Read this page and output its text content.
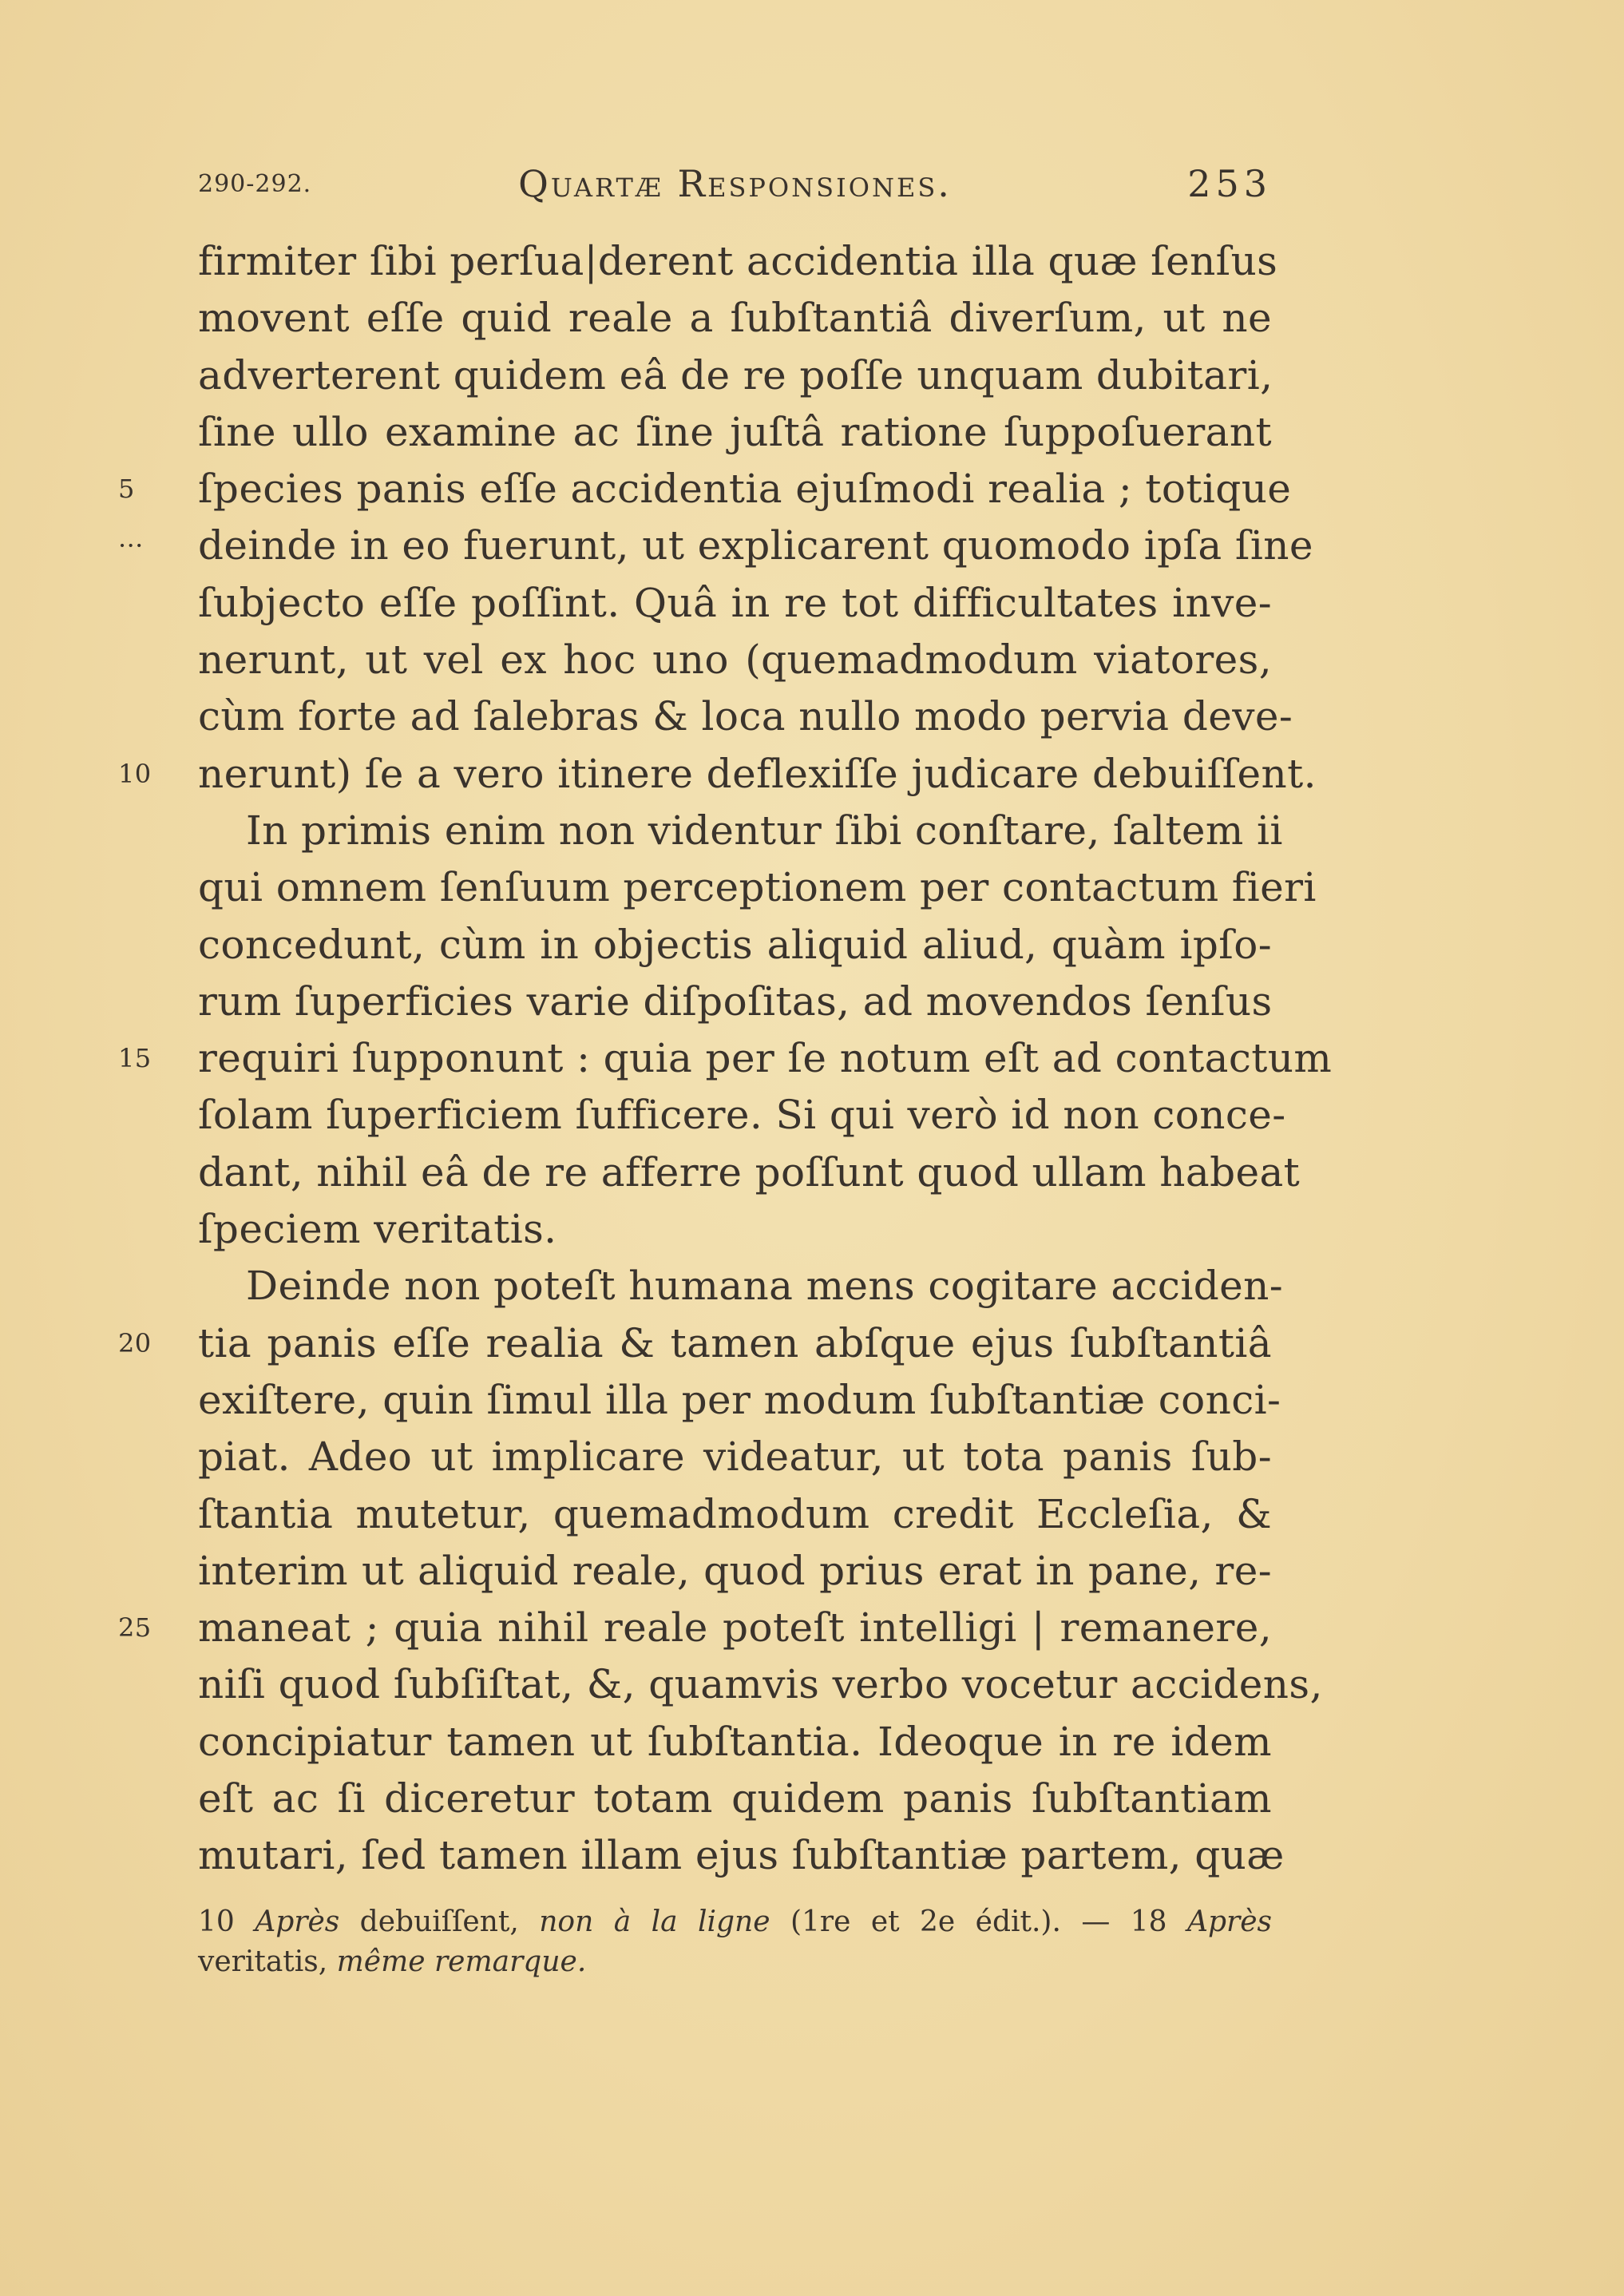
290-292.	Quartæ Responsiones.	253
firmiter ſibi perſua|derent accidentia illa quæ ſenſus
movent eſſe quid reale a ſubſtantiâ diverſum, ut ne
adverterent quidem eâ de re poſſe unquam dubitari,
ſine ullo examine ac ſine juſtâ ratione ſuppoſuerant
5	ſpecies panis eſſe accidentia ejuſmodi realia ; totique
···	deinde in eo fuerunt, ut explicarent quomodo ipſa ſine
ſubjecto eſſe poſſint. Quâ in re tot difficultates inve-
nerunt, ut vel ex hoc uno (quemadmodum viatores,
cùm forte ad ſalebras & loca nullo modo pervia deve-
10	nerunt) ſe a vero itinere deflexiſſe judicare debuiſſent.
In primis enim non videntur ſibi conſtare, ſaltem ii
qui omnem ſenſuum perceptionem per contactum fieri
concedunt, cùm in objectis aliquid aliud, quàm ipſo-
rum ſuperficies varie diſpoſitas, ad movendos ſenſus
15	requiri ſupponunt : quia per ſe notum eſt ad contactum
ſolam ſuperficiem ſufficere. Si qui verò id non conce-
dant, nihil eâ de re afferre poſſunt quod ullam habeat
ſpeciem veritatis.
Deinde non poteſt humana mens cogitare acciden-
20	tia panis eſſe realia & tamen abſque ejus ſubſtantiâ
exiſtere, quin ſimul illa per modum ſubſtantiæ conci-
piat. Adeo ut implicare videatur, ut tota panis ſub-
ſtantia mutetur, quemadmodum credit Eccleſia, &
interim ut aliquid reale, quod prius erat in pane, re-
25	maneat ; quia nihil reale poteſt intelligi | remanere,
niſi quod ſubſiſtat, &, quamvis verbo vocetur accidens,
concipiatur tamen ut ſubſtantia. Ideoque in re idem
eſt ac ſi diceretur totam quidem panis ſubſtantiam
mutari, ſed tamen illam ejus ſubſtantiæ partem, quæ
10 Après debuiſſent, non à la ligne (1re et 2e édit.). — 18 Après
veritatis, même remarque.
